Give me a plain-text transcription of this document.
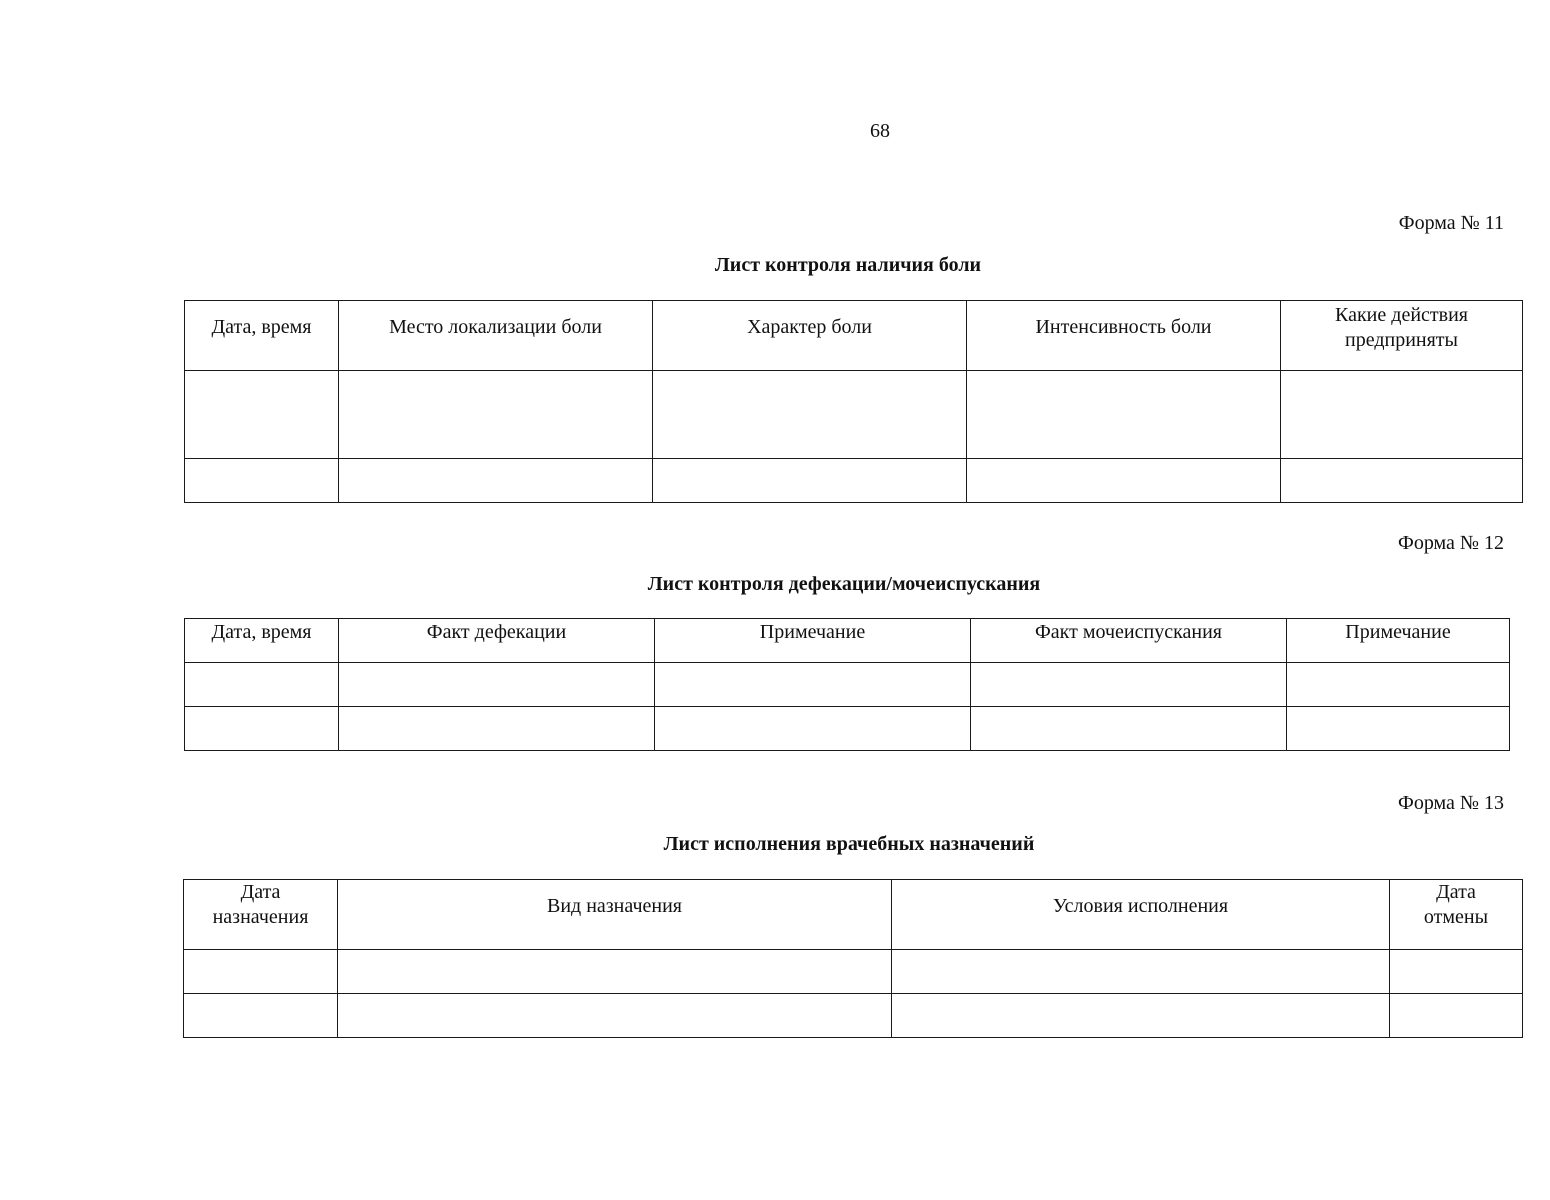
68
Форма № 11
Лист контроля наличия боли
Дата, время	Место локализации боли	Характер боли	Интенсивность боли	Какие действия предприняты

Форма № 12
Лист контроля дефекации/мочеиспускания
Дата, время	Факт дефекации	Примечание	Факт мочеиспускания	Примечание

Форма № 13
Лист исполнения врачебных назначений
Дата назначения	Вид назначения	Условия исполнения	Дата отмены
